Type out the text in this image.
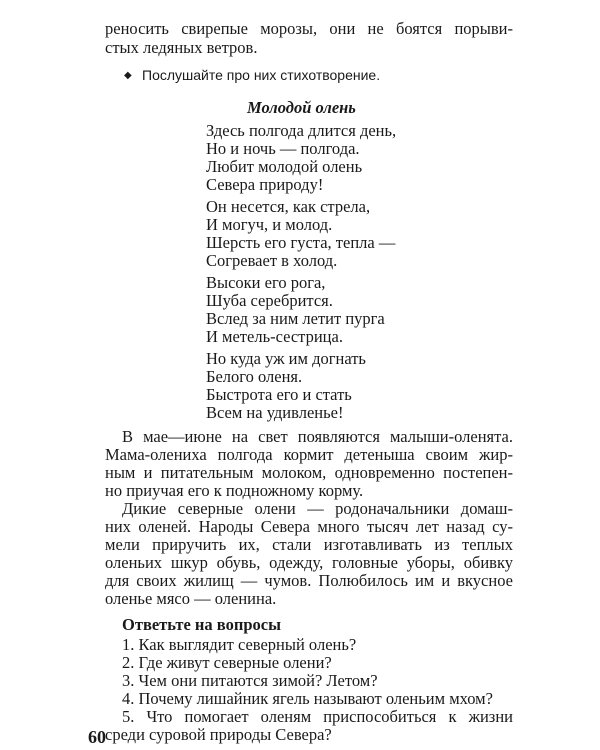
реносить свирепые морозы, они не боятся порыви-
стых ледяных ветров.
◆ Послушайте про них стихотворение.
Молодой олень
Здесь полгода длится день,
Но и ночь — полгода.
Любит молодой олень
Севера природу!
Он несется, как стрела,
И могуч, и молод.
Шерсть его густа, тепла —
Согревает в холод.
Высоки его рога,
Шуба серебрится.
Вслед за ним летит пурга
И метель-сестрица.
Но куда уж им догнать
Белого оленя.
Быстрота его и стать
Всем на удивленье!
В мае—июне на свет появляются малыши-оленята.
Мама-олениха полгода кормит детеныша своим жир-
ным и питательным молоком, одновременно постепен-
но приучая его к подножному корму.
Дикие северные олени — родоначальники домаш-
них оленей. Народы Севера много тысяч лет назад су-
мели приручить их, стали изготавливать из теплых
оленьих шкур обувь, одежду, головные уборы, обивку
для своих жилищ — чумов. Полюбилось им и вкусное
оленье мясо — оленина.
Ответьте на вопросы
1. Как выглядит северный олень?
2. Где живут северные олени?
3. Чем они питаются зимой? Летом?
4. Почему лишайник ягель называют оленьим мхом?
5. Что помогает оленям приспособиться к жизни
среди суровой природы Севера?
60
